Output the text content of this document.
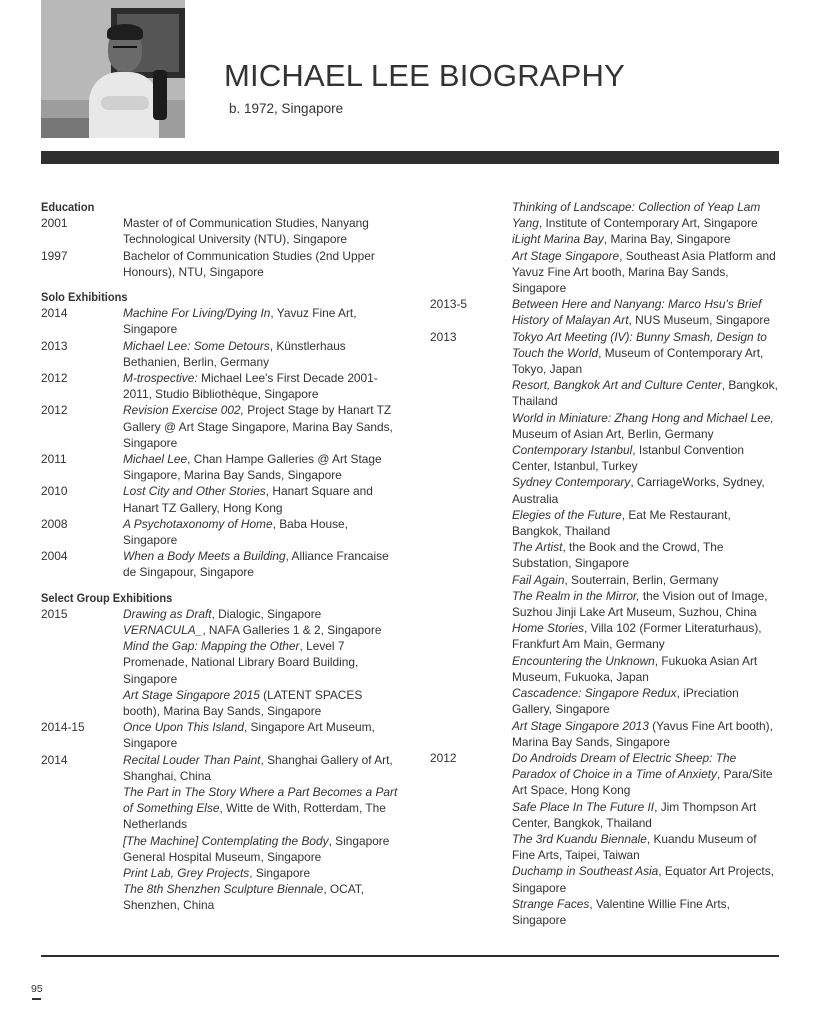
MICHAEL LEE BIOGRAPHY
b. 1972, Singapore
Education
2001	Master of of Communication Studies, Nanyang Technological University (NTU), Singapore
1997	Bachelor of Communication Studies (2nd Upper Honours), NTU, Singapore
Solo Exhibitions
2014	Machine For Living/Dying In, Yavuz Fine Art, Singapore
2013	Michael Lee: Some Detours, Künstlerhaus Bethanien, Berlin, Germany
2012	M-trospective: Michael Lee's First Decade 2001-2011, Studio Bibliothèque, Singapore
2012	Revision Exercise 002, Project Stage by Hanart TZ Gallery @ Art Stage Singapore, Marina Bay Sands, Singapore
2011	Michael Lee, Chan Hampe Galleries @ Art Stage Singapore, Marina Bay Sands, Singapore
2010	Lost City and Other Stories, Hanart Square and Hanart TZ Gallery, Hong Kong
2008	A Psychotaxonomy of Home, Baba House, Singapore
2004	When a Body Meets a Building, Alliance Francaise de Singapour, Singapore
Select Group Exhibitions
2015	Drawing as Draft, Dialogic, Singapore
VERNACULA_, NAFA Galleries 1 & 2, Singapore
Mind the Gap: Mapping the Other, Level 7 Promenade, National Library Board Building, Singapore
Art Stage Singapore 2015 (LATENT SPACES booth), Marina Bay Sands, Singapore
2014-15	Once Upon This Island, Singapore Art Museum, Singapore
2014	Recital Louder Than Paint, Shanghai Gallery of Art, Shanghai, China
The Part in The Story Where a Part Becomes a Part of Something Else, Witte de With, Rotterdam, The Netherlands
[The Machine] Contemplating the Body, Singapore General Hospital Museum, Singapore
Print Lab, Grey Projects, Singapore
The 8th Shenzhen Sculpture Biennale, OCAT, Shenzhen, China
Thinking of Landscape: Collection of Yeap Lam Yang, Institute of Contemporary Art, Singapore
iLight Marina Bay, Marina Bay, Singapore
Art Stage Singapore, Southeast Asia Platform and Yavuz Fine Art booth, Marina Bay Sands, Singapore
2013-5	Between Here and Nanyang: Marco Hsu's Brief History of Malayan Art, NUS Museum, Singapore
2013	Tokyo Art Meeting (IV): Bunny Smash, Design to Touch the World, Museum of Contemporary Art, Tokyo, Japan
Resort, Bangkok Art and Culture Center, Bangkok, Thailand
World in Miniature: Zhang Hong and Michael Lee, Museum of Asian Art, Berlin, Germany
Contemporary Istanbul, Istanbul Convention Center, Istanbul, Turkey
Sydney Contemporary, CarriageWorks, Sydney, Australia
Elegies of the Future, Eat Me Restaurant, Bangkok, Thailand
The Artist, the Book and the Crowd, The Substation, Singapore
Fail Again, Souterrain, Berlin, Germany
The Realm in the Mirror, the Vision out of Image, Suzhou Jinji Lake Art Museum, Suzhou, China
Home Stories, Villa 102 (Former Literaturhaus), Frankfurt Am Main, Germany
Encountering the Unknown, Fukuoka Asian Art Museum, Fukuoka, Japan
Cascadence: Singapore Redux, iPreciation Gallery, Singapore
Art Stage Singapore 2013 (Yavus Fine Art booth), Marina Bay Sands, Singapore
2012	Do Androids Dream of Electric Sheep: The Paradox of Choice in a Time of Anxiety, Para/Site Art Space, Hong Kong
Safe Place In The Future II, Jim Thompson Art Center, Bangkok, Thailand
The 3rd Kuandu Biennale, Kuandu Museum of Fine Arts, Taipei, Taiwan
Duchamp in Southeast Asia, Equator Art Projects, Singapore
Strange Faces, Valentine Willie Fine Arts, Singapore
95
